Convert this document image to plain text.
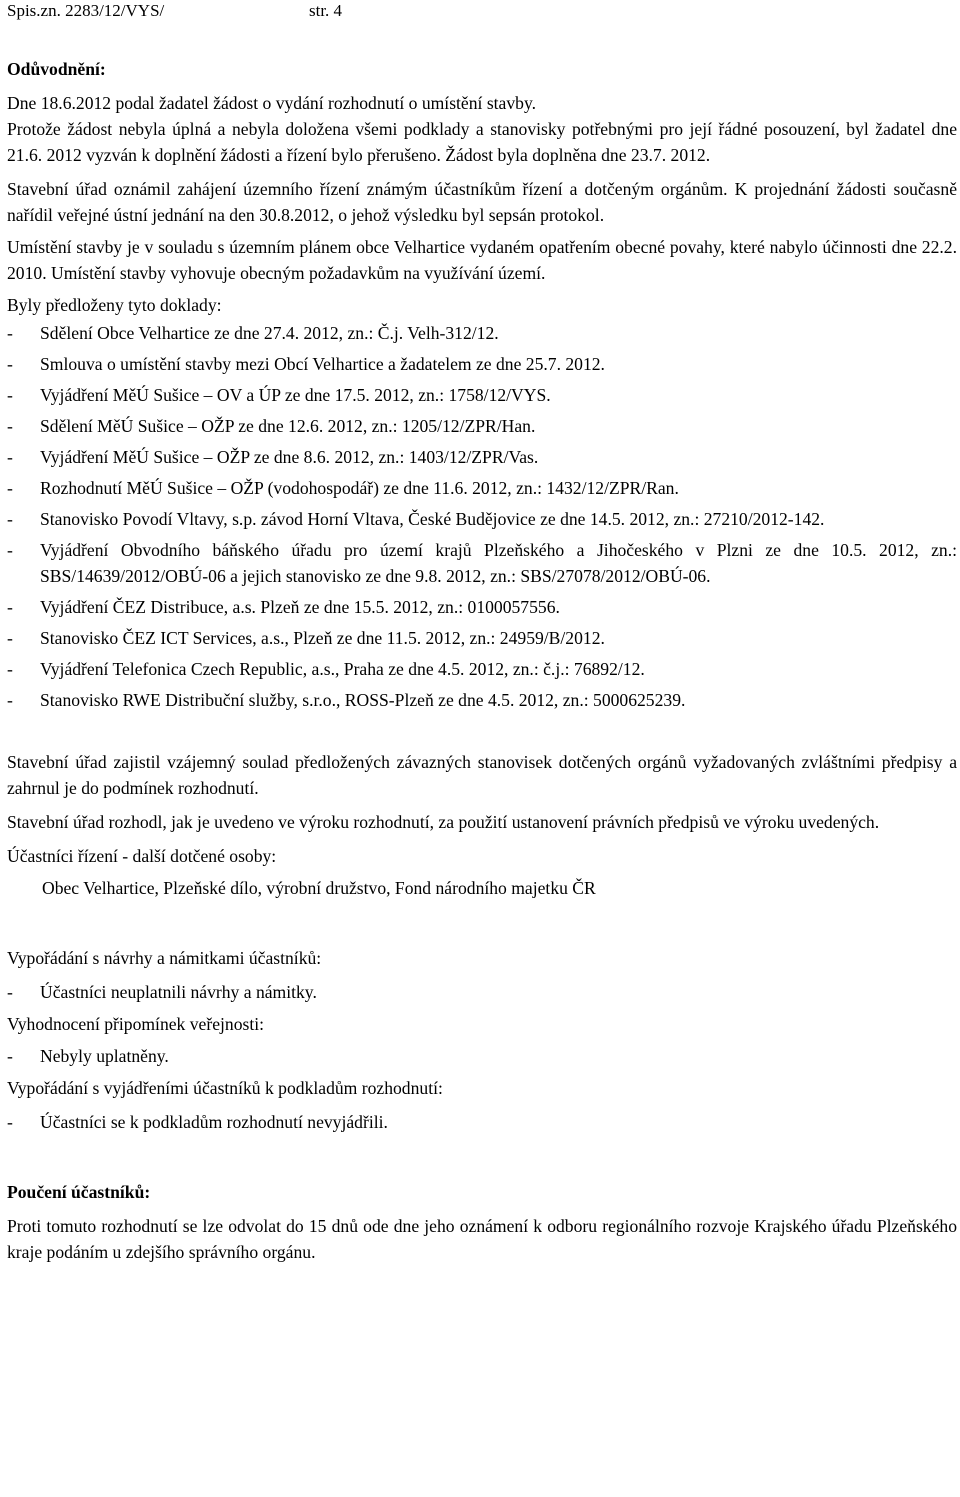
Spis.zn. 2283/12/VYS/	str. 4

Odůvodnění:

Dne 18.6.2012 podal žadatel žádost o vydání rozhodnutí o umístění stavby.

Protože žádost nebyla úplná a nebyla doložena všemi podklady a stanovisky potřebnými pro její řádné posouzení, byl žadatel dne 21.6. 2012 vyzván k doplnění žádosti a řízení bylo přerušeno. Žádost byla doplněna dne 23.7. 2012.

Stavební úřad oznámil zahájení územního řízení známým účastníkům řízení a dotčeným orgánům. K projednání žádosti současně nařídil veřejné ústní jednání na den 30.8.2012, o jehož výsledku byl sepsán protokol.

Umístění stavby je v souladu s územním plánem obce Velhartice vydaném opatřením obecné povahy, které nabylo účinnosti dne 22.2. 2010. Umístění stavby vyhovuje obecným požadavkům na využívání území.

Byly předloženy tyto doklady:

- Sdělení Obce Velhartice ze dne 27.4. 2012, zn.: Č.j. Velh-312/12.
- Smlouva o umístění stavby mezi Obcí Velhartice a žadatelem ze dne 25.7. 2012.
- Vyjádření MěÚ Sušice – OV a ÚP ze dne 17.5. 2012, zn.: 1758/12/VYS.
- Sdělení MěÚ Sušice – OŽP ze dne 12.6. 2012, zn.: 1205/12/ZPR/Han.
- Vyjádření MěÚ Sušice – OŽP ze dne 8.6. 2012, zn.: 1403/12/ZPR/Vas.
- Rozhodnutí MěÚ Sušice – OŽP (vodohospodář) ze dne 11.6. 2012, zn.: 1432/12/ZPR/Ran.
- Stanovisko Povodí Vltavy, s.p. závod Horní Vltava, České Budějovice ze dne 14.5. 2012, zn.: 27210/2012-142.
- Vyjádření Obvodního báňského úřadu pro území krajů Plzeňského a Jihočeského v Plzni ze dne 10.5. 2012, zn.: SBS/14639/2012/OBÚ-06 a jejich stanovisko ze dne 9.8. 2012, zn.: SBS/27078/2012/OBÚ-06.
- Vyjádření ČEZ Distribuce, a.s. Plzeň ze dne 15.5. 2012, zn.: 0100057556.
- Stanovisko ČEZ ICT Services, a.s., Plzeň ze dne 11.5. 2012, zn.: 24959/B/2012.
- Vyjádření Telefonica Czech Republic, a.s., Praha ze dne 4.5. 2012, zn.: č.j.: 76892/12.
- Stanovisko RWE Distribuční služby, s.r.o., ROSS-Plzeň ze dne 4.5. 2012, zn.: 5000625239.

Stavební úřad zajistil vzájemný soulad předložených závazných stanovisek dotčených orgánů vyžadovaných zvláštními předpisy a zahrnul je do podmínek rozhodnutí.

Stavební úřad rozhodl, jak je uvedeno ve výroku rozhodnutí, za použití ustanovení právních předpisů ve výroku uvedených.

Účastníci řízení - další dotčené osoby:

Obec Velhartice, Plzeňské dílo, výrobní družstvo, Fond národního majetku ČR

Vypořádání s návrhy a námitkami účastníků:

- Účastníci neuplatnili návrhy a námitky.

Vyhodnocení připomínek veřejnosti:

- Nebyly uplatněny.

Vypořádání s vyjádřeními účastníků k podkladům rozhodnutí:

- Účastníci se k podkladům rozhodnutí nevyjádřili.

Poučení účastníků:

Proti tomuto rozhodnutí se lze odvolat do 15 dnů ode dne jeho oznámení k odboru regionálního rozvoje Krajského úřadu Plzeňského kraje podáním u zdejšího správního orgánu.
